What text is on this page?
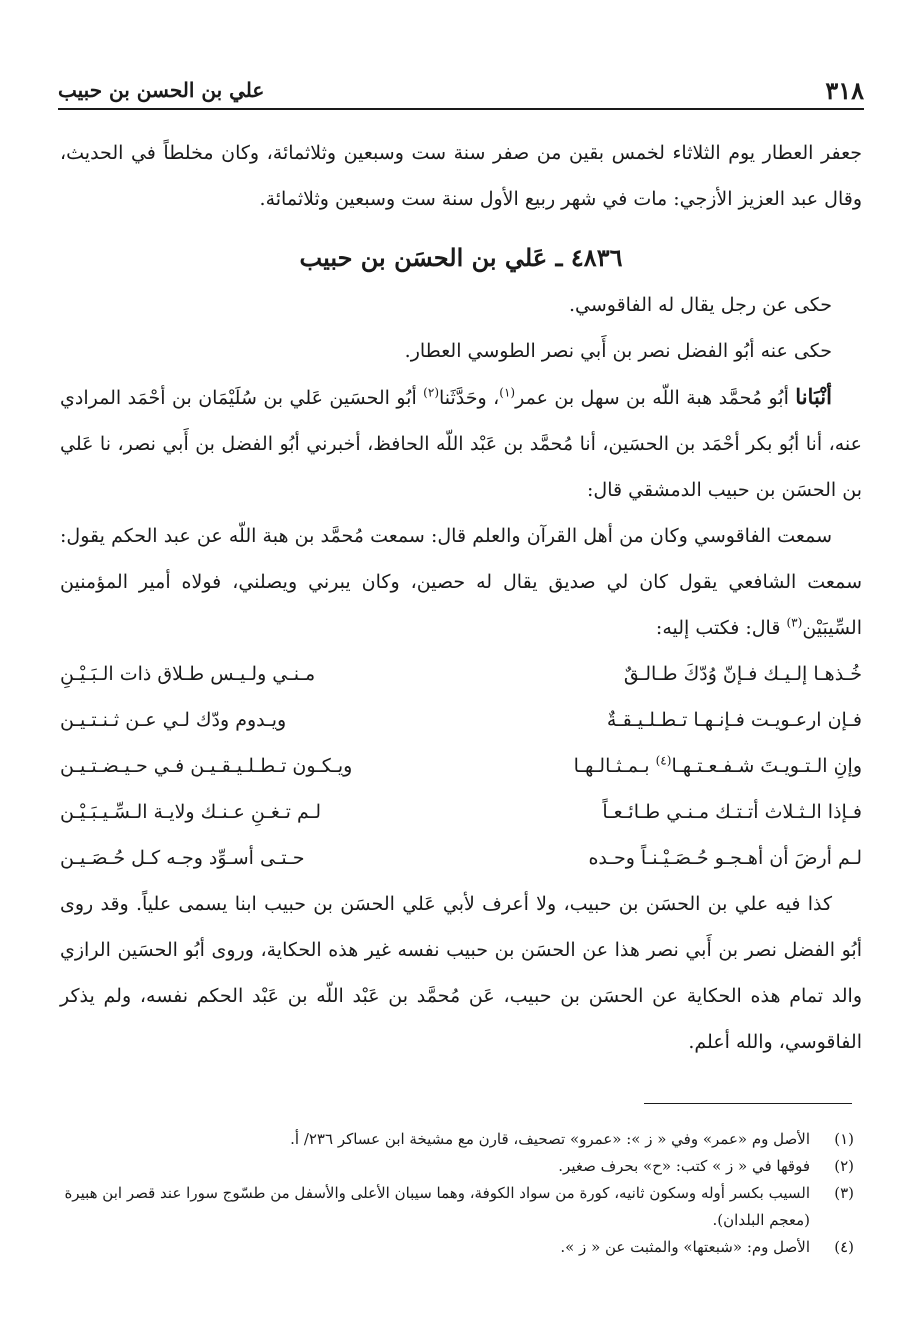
٣١٨
علي بن الحسن بن حبيب

جعفر العطار يوم الثلاثاء لخمس بقين من صفر سنة ست وسبعين وثلاثمائة، وكان مخلطاً في الحديث، وقال عبد العزيز الأزجي: مات في شهر ربيع الأول سنة ست وسبعين وثلاثمائة.

٤٨٣٦ ـ عَلي بن الحسَن بن حبيب

حكى عن رجل يقال له الفاقوسي.

حكى عنه أبُو الفضل نصر بن أَبي نصر الطوسي العطار.

أنْبَانا أبُو مُحمَّد هبة اللّه بن سهل بن عمر$^{(١)}$، وحَدَّثَنا$^{(٢)}$ أبُو الحسَين عَلي بن سُلَيْمَان بن أحْمَد المرادي عنه، أنا أبُو بكر أحْمَد بن الحسَين، أنا مُحمَّد بن عَبْد اللّه الحافظ، أخبرني أبُو الفضل بن أَبي نصر، نا عَلي بن الحسَن بن حبيب الدمشقي قال:

سمعت الفاقوسي وكان من أهل القرآن والعلم قال: سمعت مُحمَّد بن هبة اللّه عن عبد الحكم يقول: سمعت الشافعي يقول كان لي صديق يقال له حصين، وكان يبرني ويصلني، فولاه أمير المؤمنين السِّيبَيْن$^{(٣)}$ قال: فكتب إليه:

خُـذهـا إلـيـك فـإنّ وُدّكَ طـالـقٌ
مـنـي ولـيـس طـلاق ذات الـبَـيْـنِ
فـإن ارعـويـت فـإنـهـا تـطـلـيـقـةٌ
ويـدوم ودّك لـي عـن ثـنـتـيـن
وإنِ الـتـويـتَ شـفـعـتـهـا$^{(٤)}$ بـمـثـالـهـا
ويـكـون تـطـلـيـقـيـن فـي حـيـضـتـيـن
فـإذا الـثـلاث أتـتـك مـنـي طـائـعـاً
لـم تـغـنِ عـنـك ولايـة الـسِّـيـبَـيْـن
لـم أرضَ أن أهـجـو حُـصَـيْـنـاً وحـده
حـتـى أسـوِّد وجـه كـل حُـصَـيـن

كذا فيه علي بن الحسَن بن حبيب، ولا أعرف لأبي عَلي الحسَن بن حبيب ابنا يسمى علياً. وقد روى أبُو الفضل نصر بن أَبي نصر هذا عن الحسَن بن حبيب نفسه غير هذه الحكاية، وروى أبُو الحسَين الرازي والد تمام هذه الحكاية عن الحسَن بن حبيب، عَن مُحمَّد بن عَبْد اللّه بن عَبْد الحكم نفسه، ولم يذكر الفاقوسي، والله أعلم.

(١)
الأصل وم «عمر» وفي « ز »: «عمرو» تصحيف، قارن مع مشيخة ابن عساكر ٢٣٦/ أ.
(٢)
فوقها في « ز » كتب: «ح» بحرف صغير.
(٣)
السيب بكسر أوله وسكون ثانيه، كورة من سواد الكوفة، وهما سيبان الأعلى والأسفل من طسّوج سورا عند قصر ابن هبيرة (معجم البلدان).
(٤)
الأصل وم: «شبعتها» والمثبت عن « ز ».
